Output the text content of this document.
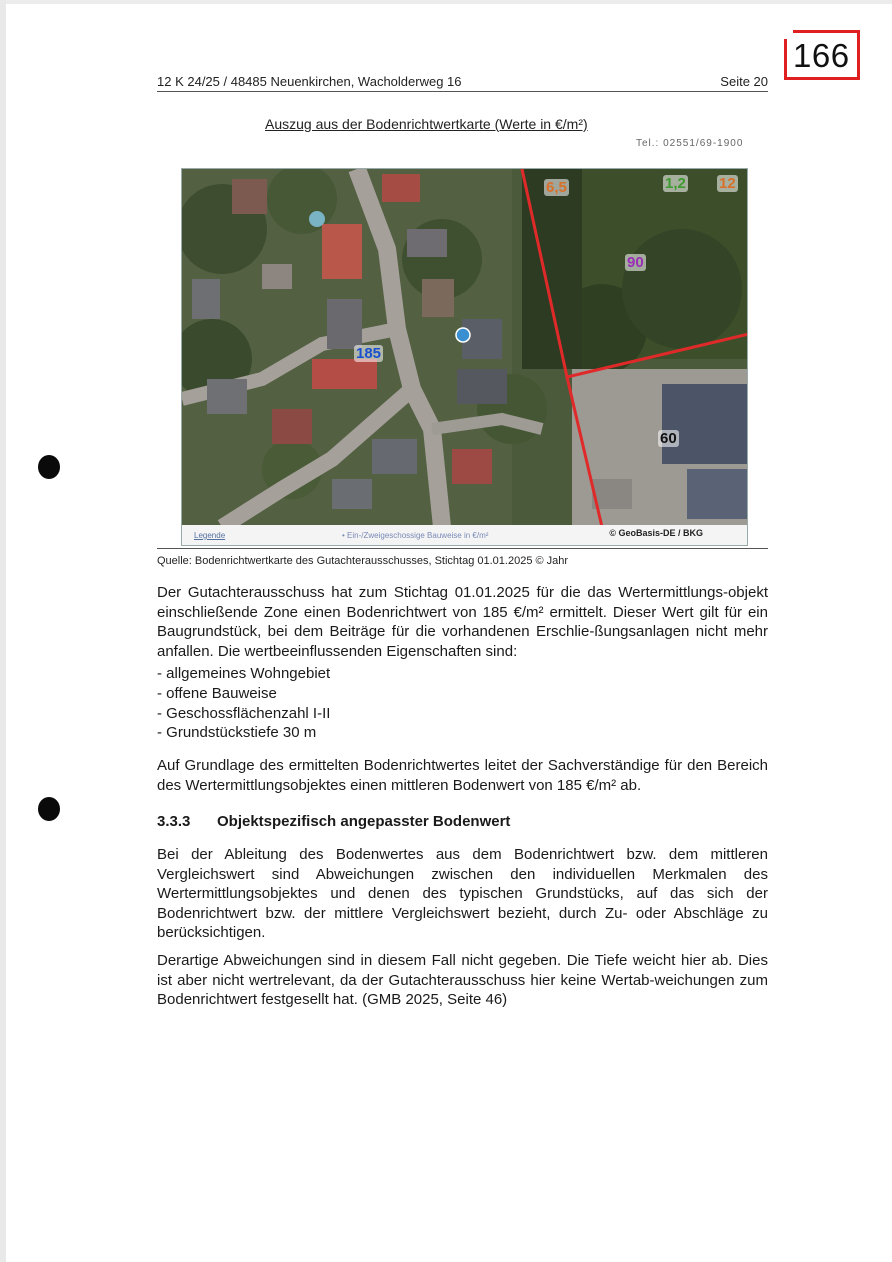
166
12 K 24/25 / 48485 Neuenkirchen, Wacholderweg 16	Seite 20
Auszug aus der Bodenrichtwertkarte (Werte in €/m²)
Tel.: 02551/69-1900
6,5	1,2 12
90
185
60
Legende	• Ein-/Zweigeschossige Bauweise in €/m²	© GeoBasis-DE / BKG
Quelle: Bodenrichtwertkarte des Gutachterausschusses, Stichtag 01.01.2025 © Jahr
Der Gutachterausschuss hat zum Stichtag 01.01.2025 für die das Wertermittlungs-objekt einschließende Zone einen Bodenrichtwert von 185 €/m² ermittelt. Dieser Wert gilt für ein Baugrundstück, bei dem Beiträge für die vorhandenen Erschlie-ßungsanlagen nicht mehr anfallen. Die wertbeeinflussenden Eigenschaften sind:
- allgemeines Wohngebiet
- offene Bauweise
- Geschossflächenzahl I-II
- Grundstückstiefe 30 m
Auf Grundlage des ermittelten Bodenrichtwertes leitet der Sachverständige für den Bereich des Wertermittlungsobjektes einen mittleren Bodenwert von 185 €/m² ab.
3.3.3 Objektspezifisch angepasster Bodenwert
Bei der Ableitung des Bodenwertes aus dem Bodenrichtwert bzw. dem mittleren Vergleichswert sind Abweichungen zwischen den individuellen Merkmalen des Wertermittlungsobjektes und denen des typischen Grundstücks, auf das sich der Bodenrichtwert bzw. der mittlere Vergleichswert bezieht, durch Zu- oder Abschläge zu berücksichtigen.
Derartige Abweichungen sind in diesem Fall nicht gegeben. Die Tiefe weicht hier ab. Dies ist aber nicht wertrelevant, da der Gutachterausschuss hier keine Wertab-weichungen zum Bodenrichtwert festgesellt hat. (GMB 2025, Seite 46)
